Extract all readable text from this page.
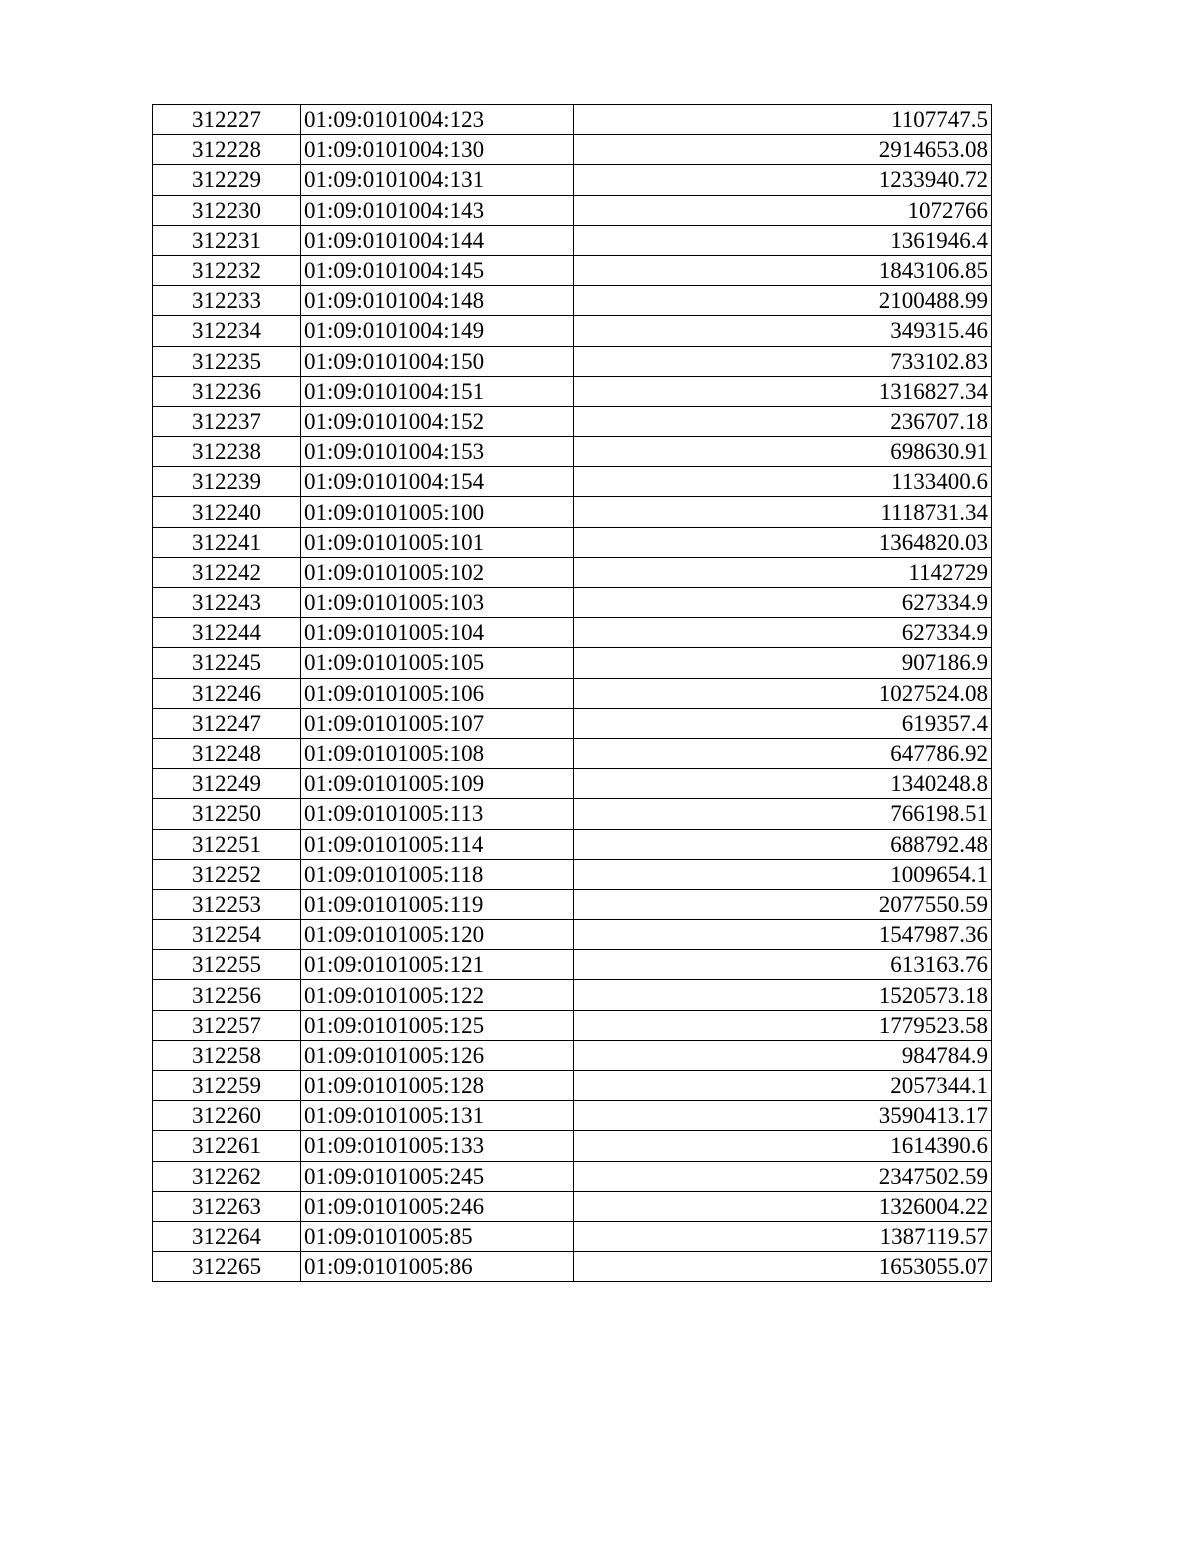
312227	01:09:0101004:123	1107747.5
312228	01:09:0101004:130	2914653.08
312229	01:09:0101004:131	1233940.72
312230	01:09:0101004:143	1072766
312231	01:09:0101004:144	1361946.4
312232	01:09:0101004:145	1843106.85
312233	01:09:0101004:148	2100488.99
312234	01:09:0101004:149	349315.46
312235	01:09:0101004:150	733102.83
312236	01:09:0101004:151	1316827.34
312237	01:09:0101004:152	236707.18
312238	01:09:0101004:153	698630.91
312239	01:09:0101004:154	1133400.6
312240	01:09:0101005:100	1118731.34
312241	01:09:0101005:101	1364820.03
312242	01:09:0101005:102	1142729
312243	01:09:0101005:103	627334.9
312244	01:09:0101005:104	627334.9
312245	01:09:0101005:105	907186.9
312246	01:09:0101005:106	1027524.08
312247	01:09:0101005:107	619357.4
312248	01:09:0101005:108	647786.92
312249	01:09:0101005:109	1340248.8
312250	01:09:0101005:113	766198.51
312251	01:09:0101005:114	688792.48
312252	01:09:0101005:118	1009654.1
312253	01:09:0101005:119	2077550.59
312254	01:09:0101005:120	1547987.36
312255	01:09:0101005:121	613163.76
312256	01:09:0101005:122	1520573.18
312257	01:09:0101005:125	1779523.58
312258	01:09:0101005:126	984784.9
312259	01:09:0101005:128	2057344.1
312260	01:09:0101005:131	3590413.17
312261	01:09:0101005:133	1614390.6
312262	01:09:0101005:245	2347502.59
312263	01:09:0101005:246	1326004.22
312264	01:09:0101005:85	1387119.57
312265	01:09:0101005:86	1653055.07
